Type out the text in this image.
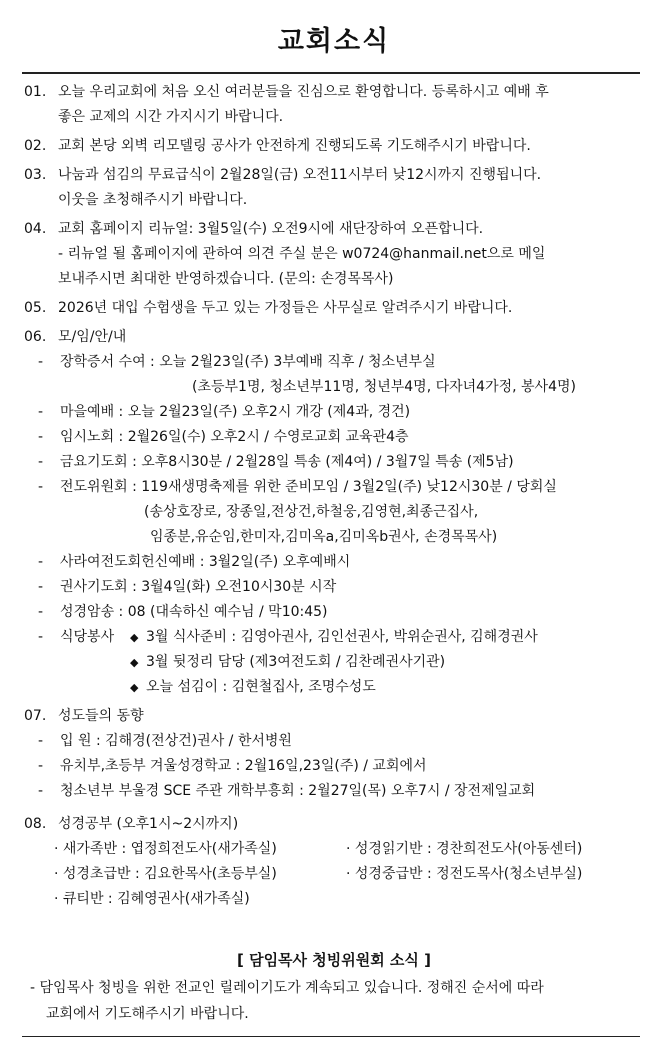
교회소식
01. 오늘 우리교회에 처음 오신 여러분들을 진심으로 환영합니다. 등록하시고 예배 후
좋은 교제의 시간 가지시기 바랍니다.
02. 교회 본당 외벽 리모델링 공사가 안전하게 진행되도록 기도해주시기 바랍니다.
03. 나눔과 섬김의 무료급식이 2월28일(금) 오전11시부터 낮12시까지 진행됩니다.
이웃을 초청해주시기 바랍니다.
04. 교회 홈페이지 리뉴얼: 3월5일(수) 오전9시에 새단장하여 오픈합니다.
- 리뉴얼 될 홈페이지에 관하여 의견 주실 분은 w0724@hanmail.net으로 메일
보내주시면 최대한 반영하겠습니다. (문의: 손경목목사)
05. 2026년 대입 수험생을 두고 있는 가정들은 사무실로 알려주시기 바랍니다.
06. 모/임/안/내
- 장학증서 수여 : 오늘 2월23일(주) 3부예배 직후 / 청소년부실
(초등부1명, 청소년부11명, 청년부4명, 다자녀4가정, 봉사4명)
- 마을예배 : 오늘 2월23일(주) 오후2시 개강 (제4과, 경건)
- 임시노회 : 2월26일(수) 오후2시 / 수영로교회 교육관4층
- 금요기도회 : 오후8시30분 / 2월28일 특송 (제4여) / 3월7일 특송 (제5남)
- 전도위원회 : 119새생명축제를 위한 준비모임 / 3월2일(주) 낮12시30분 / 당회실
(송상호장로, 장종일,전상건,하철웅,김영현,최종근집사,
임종분,유순임,한미자,김미옥a,김미옥b권사, 손경목목사)
- 사라여전도회헌신예배 : 3월2일(주) 오후예배시
- 권사기도회 : 3월4일(화) 오전10시30분 시작
- 성경암송 : 08 (대속하신 예수님 / 막10:45)
- 식당봉사 ◆ 3월 식사준비 : 김영아권사, 김인선권사, 박위순권사, 김해경권사
◆ 3월 뒷정리 담당 (제3여전도회 / 김찬례권사기관)
◆ 오늘 섬김이 : 김현철집사, 조명수성도
07. 성도들의 동향
- 입 원 : 김해경(전상건)권사 / 한서병원
- 유치부,초등부 겨울성경학교 : 2월16일,23일(주) / 교회에서
- 청소년부 부울경 SCE 주관 개학부흥회 : 2월27일(목) 오후7시 / 장전제일교회
08. 성경공부 (오후1시~2시까지)
· 새가족반 : 엽정희전도사(새가족실)	· 성경읽기반 : 경찬희전도사(아동센터)
· 성경초급반 : 김요한목사(초등부실)	· 성경중급반 : 정전도목사(청소년부실)
· 큐티반 : 김혜영권사(새가족실)
[ 담임목사 청빙위원회 소식 ]
- 담임목사 청빙을 위한 전교인 릴레이기도가 계속되고 있습니다. 정해진 순서에 따라
교회에서 기도해주시기 바랍니다.
